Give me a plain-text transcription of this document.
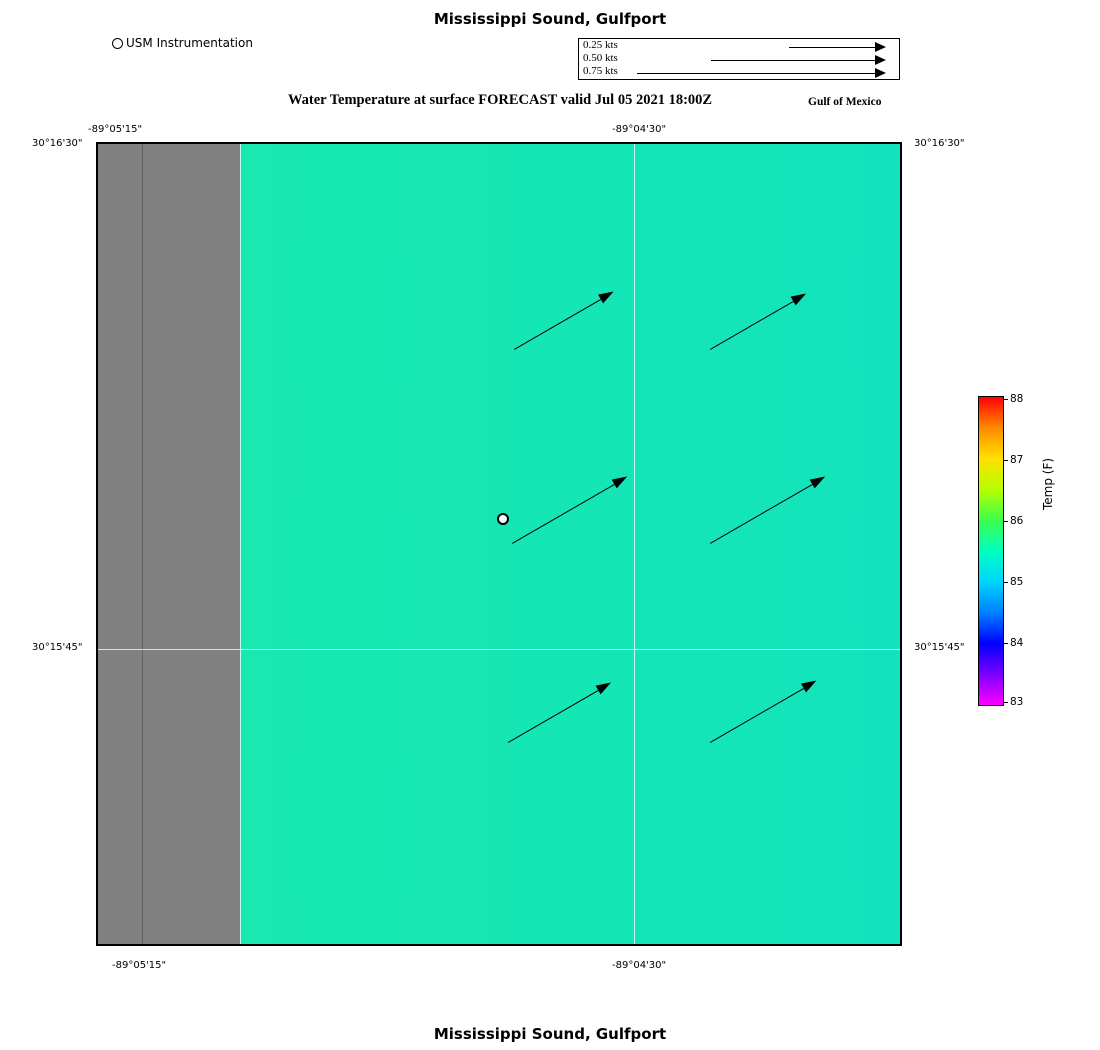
Mississippi Sound, Gulfport
USM Instrumentation	0.25 kts
0.50 kts
0.75 kts
Water Temperature at surface FORECAST valid Jul 05 2021 18:00Z	Gulf of Mexico
-89°05'15"	-89°04'30"
30°16'30"
30°15'45"
30°16'30"
30°15'45"
-89°05'15"	-89°04'30"
88
87
86
85
84
83
Temp (F)
Mississippi Sound, Gulfport
